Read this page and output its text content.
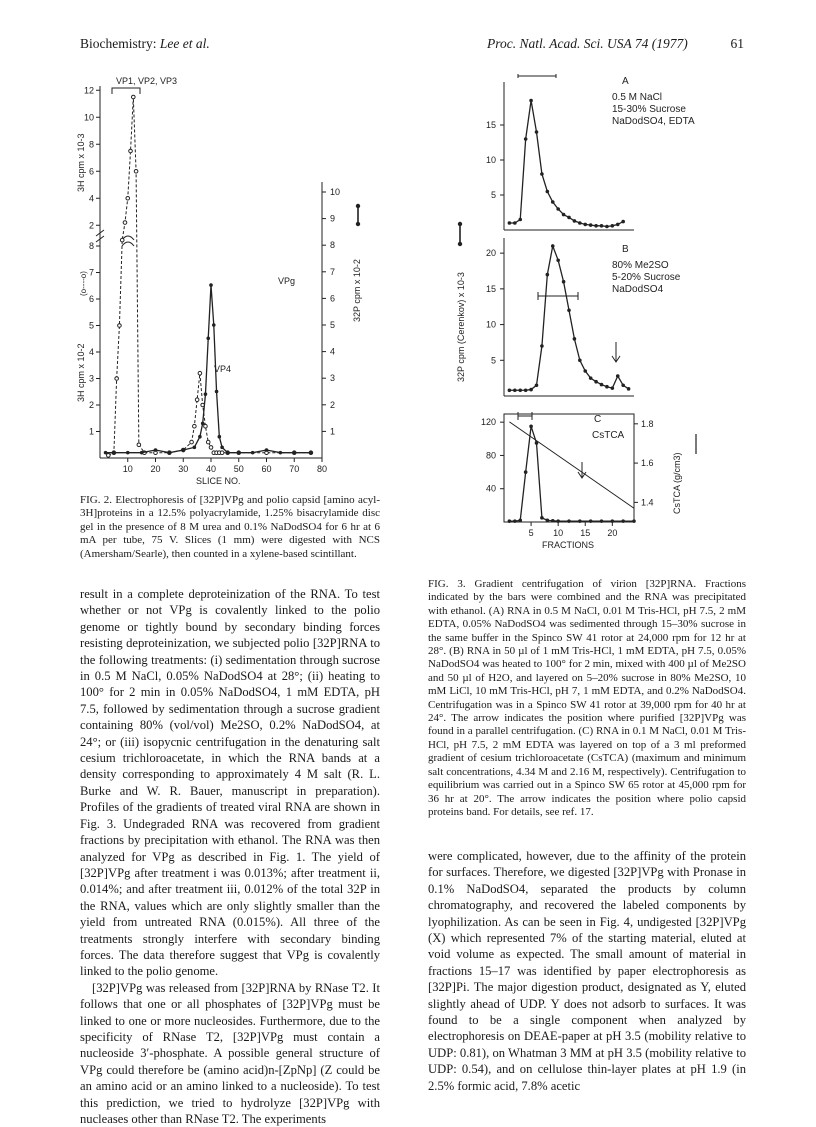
Biochemistry: Lee et al.	Proc. Natl. Acad. Sci. USA 74 (1977)	61
2
4
6
8
10
12
1
2
3
4
5
6
7
8
1
2
3
4
5
6
7
8
9
10
10 20 30 40 50 60 70 80
VP1, VP2, VP3
VP4
VPg
SLICE NO.
3H cpm x 10-3
3H cpm x 10-2
(o----o)	32P cpm x 10-2

FIG. 2. Electrophoresis of [32P]VPg and polio capsid [amino acyl-3H]proteins in a 12.5% polyacrylamide, 1.25% bisacrylamide disc gel in the presence of 8 M urea and 0.1% NaDodSO4 for 6 hr at 6 mA per tube, 75 V. Slices (1 mm) were digested with NCS (Amersham/Searle), then counted in a xylene-based scintillant.

A
0.5 M NaCl
15-30% Sucrose
NaDodSO4, EDTA
5
10
15
B
80% Me2SO
5-20% Sucrose
NaDodSO4
5
10
15
20
C
CsTCA
CsTCA (g/cm3)
40
80
120
1.4
1.6
1.8
32P cpm (Cerenkov) x 10-3
5 10 15 20
FRACTIONS

FIG. 3. Gradient centrifugation of virion [32P]RNA. Fractions indicated by the bars were combined and the RNA was precipitated with ethanol. (A) RNA in 0.5 M NaCl, 0.01 M Tris-HCl, pH 7.5, 2 mM EDTA, 0.05% NaDodSO4 was sedimented through 15–30% sucrose in the same buffer in the Spinco SW 41 rotor at 24,000 rpm for 12 hr at 28°. (B) RNA in 50 µl of 1 mM Tris-HCl, 1 mM EDTA, pH 7.5, 0.05% NaDodSO4 was heated to 100° for 2 min, mixed with 400 µl of Me2SO and 50 µl of H2O, and layered on 5–20% sucrose in 80% Me2SO, 10 mM LiCl, 10 mM Tris-HCl, pH 7, 1 mM EDTA, and 0.2% NaDodSO4. Centrifugation was in a Spinco SW 41 rotor at 39,000 rpm for 40 hr at 24°. The arrow indicates the position where purified [32P]VPg was found in a parallel centrifugation. (C) RNA in 0.1 M NaCl, 0.01 M Tris-HCl, pH 7.5, 2 mM EDTA was layered on top of a 3 ml preformed gradient of cesium trichloroacetate (CsTCA) (maximum and minimum salt concentrations, 4.34 M and 2.16 M, respectively). Centrifugation to equilibrium was carried out in a Spinco SW 65 rotor at 45,000 rpm for 36 hr at 20°. The arrow indicates the position where polio capsid proteins band. For details, see ref. 17.

result in a complete deproteinization of the RNA. To test whether or not VPg is covalently linked to the polio genome or tightly bound by secondary binding forces resisting deproteinization, we subjected polio [32P]RNA to the following treatments: (i) sedimentation through sucrose in 0.5 M NaCl, 0.05% NaDodSO4 at 28°; (ii) heating to 100° for 2 min in 0.05% NaDodSO4, 1 mM EDTA, pH 7.5, followed by sedimentation through a sucrose gradient containing 80% (vol/vol) Me2SO, 0.2% NaDodSO4, at 24°; or (iii) isopycnic centrifugation in the denaturing salt cesium trichloroacetate, in which the RNA bands at a density corresponding to approximately 4 M salt (R. L. Burke and W. R. Bauer, manuscript in preparation). Profiles of the gradients of treated viral RNA are shown in Fig. 3. Undegraded RNA was recovered from gradient fractions by precipitation with ethanol. The RNA was then analyzed for VPg as described in Fig. 1. The yield of [32P]VPg after treatment i was 0.013%; after treatment ii, 0.014%; and after treatment iii, 0.012% of the total 32P in the RNA, values which are only slightly smaller than the yield from untreated RNA (0.015%). All three of the treatments strongly interfere with secondary binding forces. The data therefore suggest that VPg is covalently linked to the polio genome.
[32P]VPg was released from [32P]RNA by RNase T2. It follows that one or all phosphates of [32P]VPg must be linked to one or more nucleosides. Furthermore, due to the specificity of RNase T2, [32P]VPg must contain a nucleoside 3′-phosphate. A possible general structure of VPg could therefore be (amino acid)n-[ZpNp] (Z could be an amino acid or an amino linked to a nucleoside). To test this prediction, we tried to hydrolyze [32P]VPg with nucleases other than RNase T2. The experiments
were complicated, however, due to the affinity of the protein for surfaces. Therefore, we digested [32P]VPg with Pronase in 0.1% NaDodSO4, separated the products by column chromatography, and recovered the labeled components by lyophilization. As can be seen in Fig. 4, undigested [32P]VPg (X) which represented 7% of the starting material, eluted at void volume as expected. The small amount of material in fractions 15–17 was identified by paper electrophoresis as [32P]Pi. The major digestion product, designated as Y, eluted slightly ahead of UDP. Y does not adsorb to surfaces. It was found to be a single component when analyzed by electrophoresis on DEAE-paper at pH 3.5 (mobility relative to UDP: 0.81), on Whatman 3 MM at pH 3.5 (mobility relative to UDP: 0.54), and on cellulose thin-layer plates at pH 1.9 (in 2.5% formic acid, 7.8% acetic
